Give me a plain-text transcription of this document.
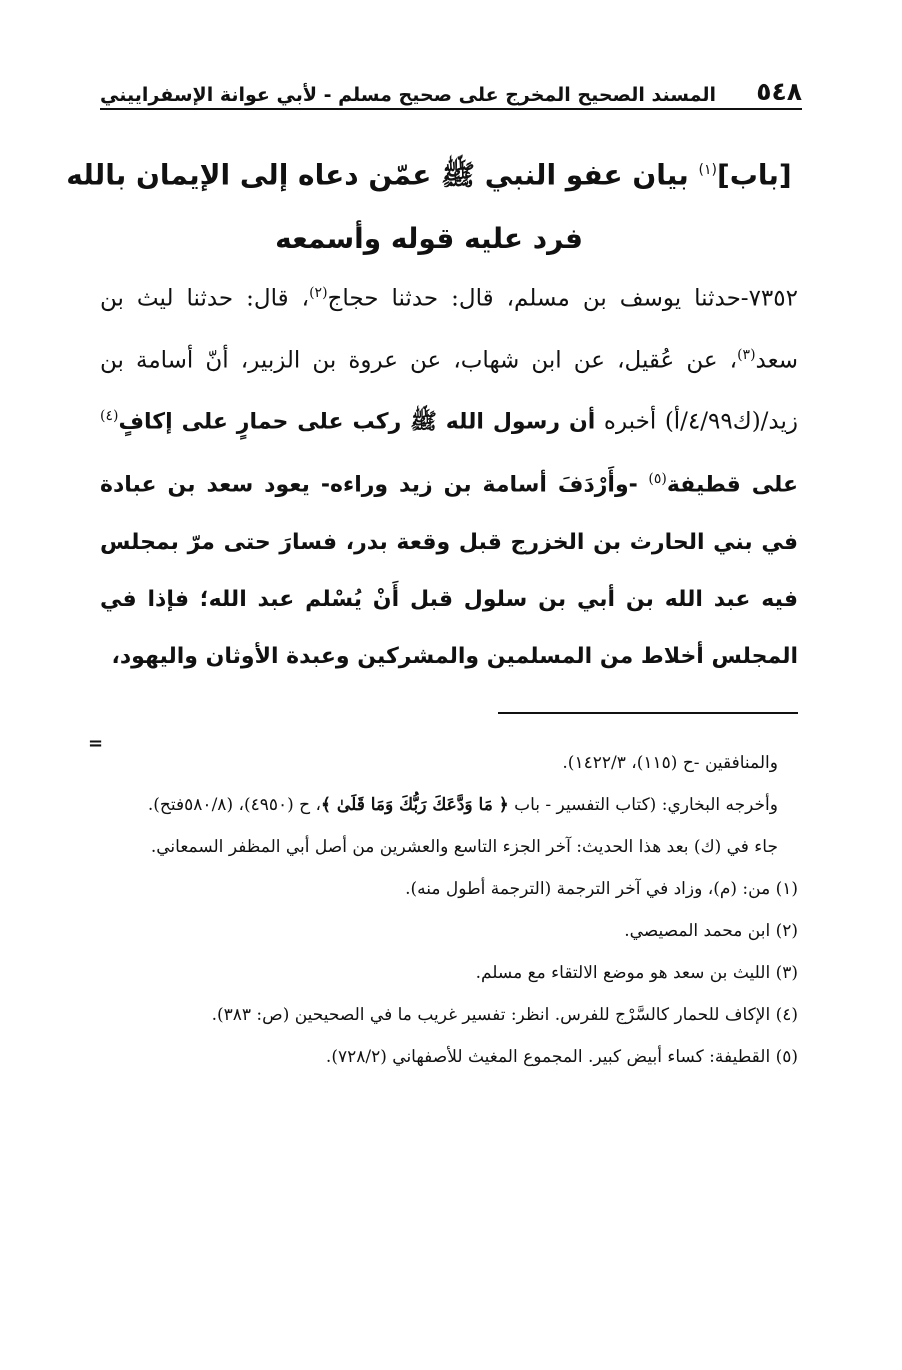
٥٤٨
المسند الصحيح المخرج على صحيح مسلم - لأبي عوانة الإسفراييني
[باب]$^{(١)}$ بيان عفو النبي ﷺ عمّن دعاه إلى الإيمان بالله فرد عليه قوله وأسمعه

٧٣٥٢-حدثنا يوسف بن مسلم، قال: حدثنا حجاج$^{(٢)}$، قال: حدثنا ليث بن سعد$^{(٣)}$، عن عُقيل، عن ابن شهاب، عن عروة بن الزبير، أنّ أسامة بن زيد/(ك٤/٩٩/أ) أخبره أن رسول الله ﷺ ركب على حمارٍ على إكافٍ$^{(٤)}$ على قطيفة$^{(٥)}$ -وأَرْدَفَ أسامة بن زيد وراءه- يعود سعد بن عبادة في بني الحارث بن الخزرج قبل وقعة بدر، فسارَ حتى مرّ بمجلس فيه عبد الله بن أبي بن سلول قبل أَنْ يُسْلم عبد الله؛ فإذا في المجلس أخلاط من المسلمين والمشركين وعبدة الأوثان واليهود،

=

والمنافقين -ح (١١٥)، ١٤٢٢/٣).

وأخرجه البخاري: (كتاب التفسير - باب ﴿ مَا وَدَّعَكَ رَبُّكَ وَمَا قَلَىٰ ﴾، ح (٤٩٥٠)، (٥٨٠/٨فتح).

جاء في (ك) بعد هذا الحديث: آخر الجزء التاسع والعشرين من أصل أبي المظفر السمعاني.

(١) من: (م)، وزاد في آخر الترجمة (الترجمة أطول منه).

(٢) ابن محمد المصيصي.

(٣) الليث بن سعد هو موضع الالتقاء مع مسلم.

(٤) الإكاف للحمار كالسَّرْج للفرس. انظر: تفسير غريب ما في الصحيحين (ص: ٣٨٣).

(٥) القطيفة: كساء أبيض كبير. المجموع المغيث للأصفهاني (٧٢٨/٢).
